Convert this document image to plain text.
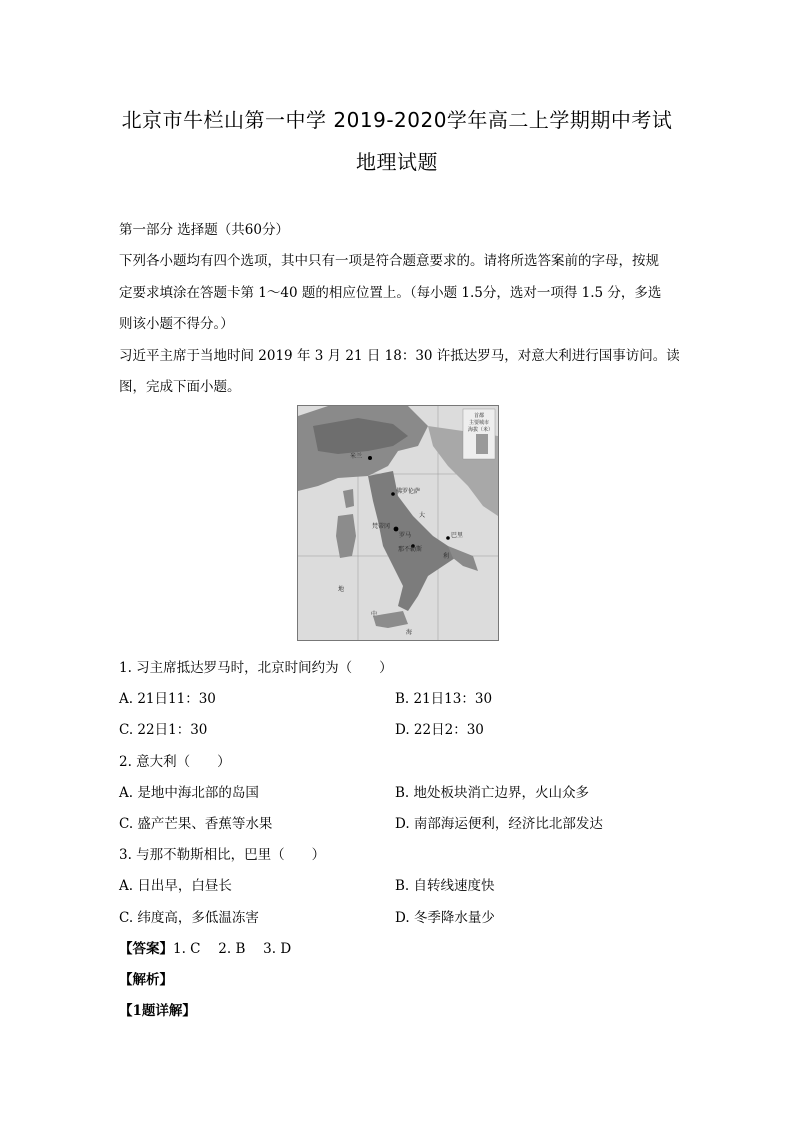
北京市牛栏山第一中学 2019-2020学年高二上学期期中考试
地理试题
第一部分 选择题（共60分）
下列各小题均有四个选项，其中只有一项是符合题意要求的。请将所选答案前的字母，按规
定要求填涂在答题卡第 1～40 题的相应位置上。（每小题 1.5分，选对一项得 1.5 分，多选
则该小题不得分。）
习近平主席于当地时间 2019 年 3 月 21 日 18：30 许抵达罗马，对意大利进行国事访问。读
图，完成下面小题。
佛罗伦萨
梵蒂冈
罗马
那不勒斯
巴里
大
利
地
中
海
首都
主要城市
海拔（米）
米兰
1. 习主席抵达罗马时，北京时间约为（　　）
A. 21日11：30	B. 21日13：30
C. 22日1：30	D. 22日2：30
2. 意大利（　　）
A. 是地中海北部的岛国	B. 地处板块消亡边界，火山众多
C. 盛产芒果、香蕉等水果	D. 南部海运便利，经济比北部发达
3. 与那不勒斯相比，巴里（　　）
A. 日出早，白昼长	B. 自转线速度快
C. 纬度高，多低温冻害	D. 冬季降水量少
【答案】1. C　 2. B　 3. D
【解析】
【1题详解】
